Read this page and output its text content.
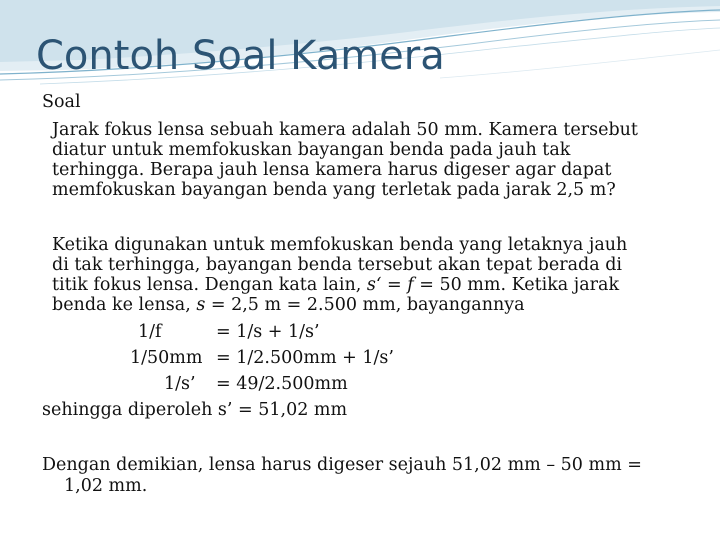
Contoh Soal Kamera
Soal
Jarak fokus lensa sebuah kamera adalah 50 mm. Kamera tersebut
diatur untuk memfokuskan bayangan benda pada jauh tak
terhingga. Berapa jauh lensa kamera harus digeser agar dapat
memfokuskan bayangan benda yang terletak pada jarak 2,5 m?
Ketika digunakan untuk memfokuskan benda yang letaknya jauh
di tak terhingga, bayangan benda tersebut akan tepat berada di
titik fokus lensa. Dengan kata lain, s‘ = f = 50 mm. Ketika jarak
benda ke lensa, s = 2,5 m = 2.500 mm, bayangannya
1/f	= 1/s + 1/s’
1/50mm = 1/2.500mm + 1/s’
1/s’ = 49/2.500mm
sehingga diperoleh s’ = 51,02 mm
Dengan demikian, lensa harus digeser sejauh 51,02 mm – 50 mm =
1,02 mm.
